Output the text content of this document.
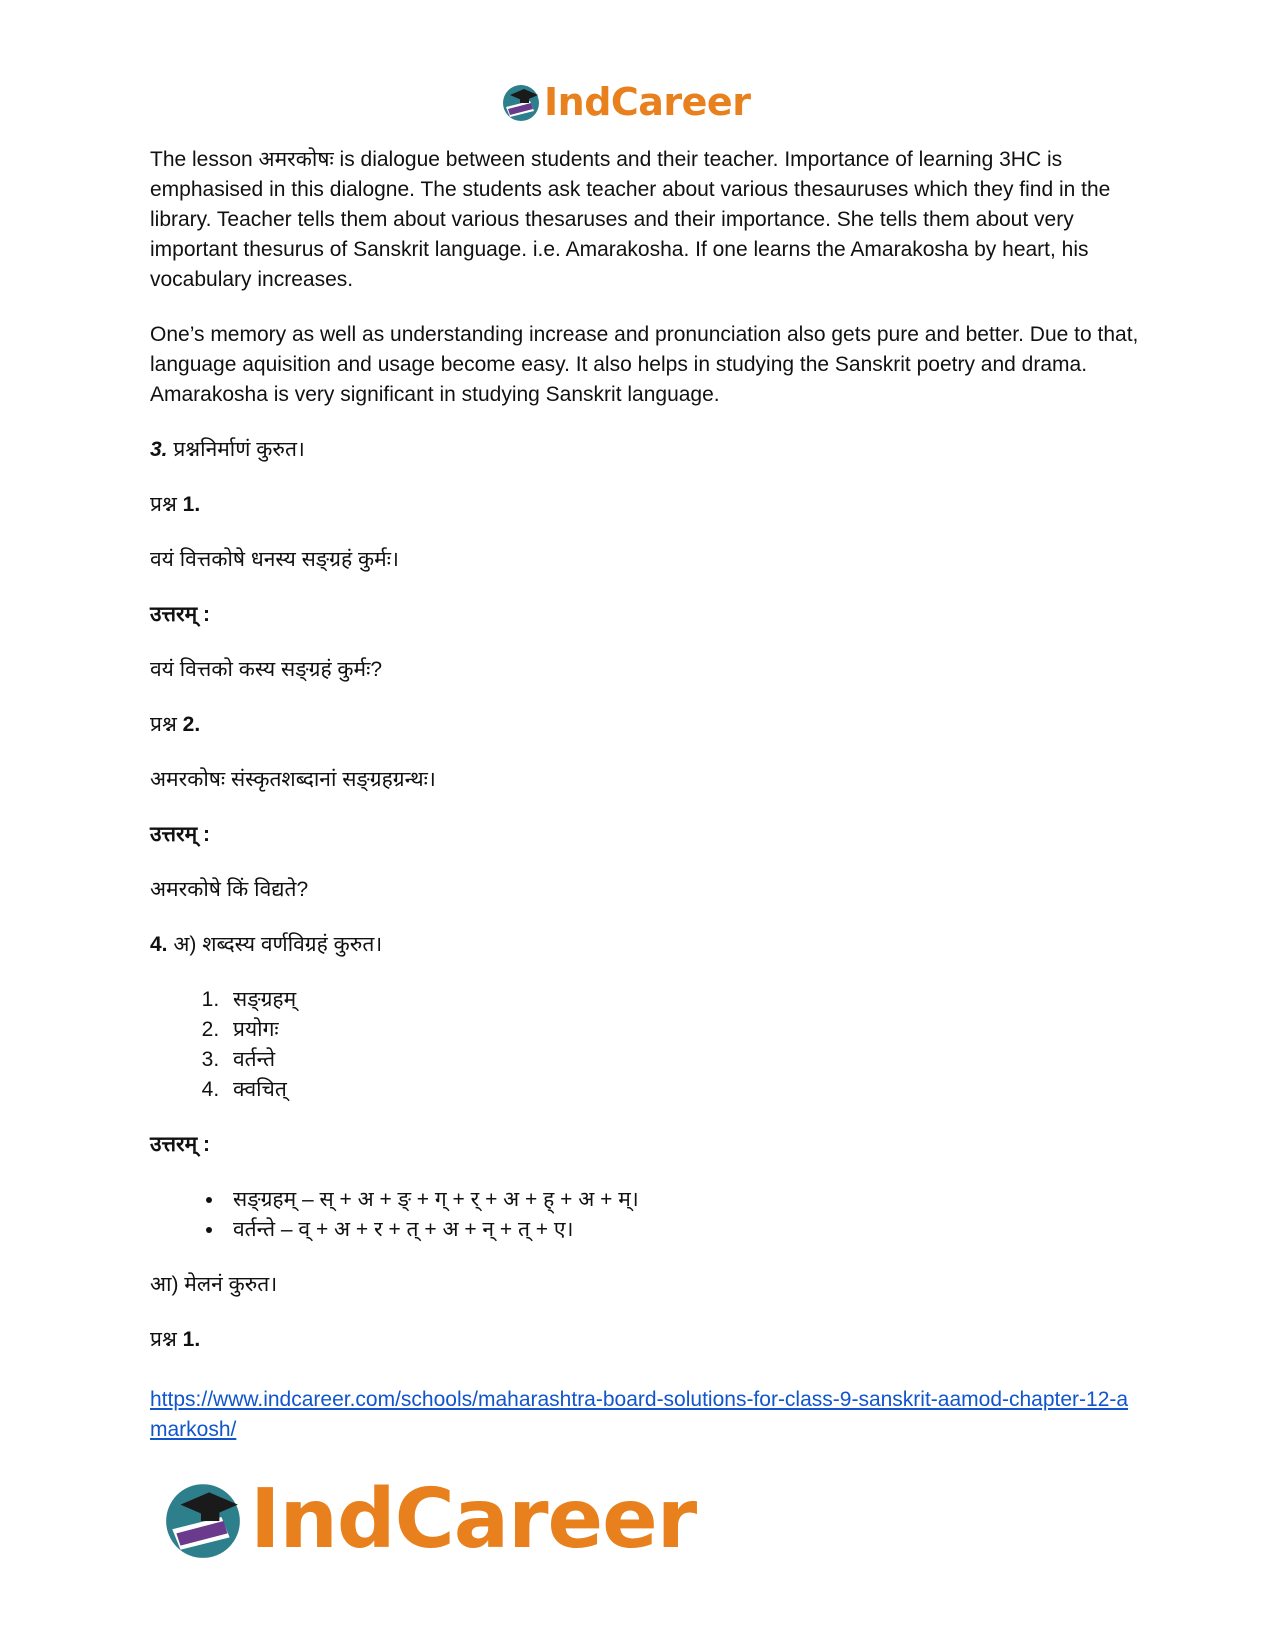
IndCareer

The lesson अमरकोषः is dialogue between students and their teacher. Importance of learning 3HC is emphasised in this dialogne. The students ask teacher about various thesauruses which they find in the library. Teacher tells them about various thesaruses and their importance. She tells them about very important thesurus of Sanskrit language. i.e. Amarakosha. If one learns the Amarakosha by heart, his vocabulary increases.

One’s memory as well as understanding increase and pronunciation also gets pure and better. Due to that, language aquisition and usage become easy. It also helps in studying the Sanskrit poetry and drama. Amarakosha is very significant in studying Sanskrit language.

3. प्रश्ननिर्माणं कुरुत।

प्रश्न 1.

वयं वित्तकोषे धनस्य सङ्ग्रहं कुर्मः।

उत्तरम् :

वयं वित्तको कस्य सङ्ग्रहं कुर्मः?

प्रश्न 2.

अमरकोषः संस्कृतशब्दानां सङ्ग्रहग्रन्थः।

उत्तरम् :

अमरकोषे किं विद्यते?

4. अ) शब्दस्य वर्णविग्रहं कुरुत।

1. सङ्ग्रहम्
2. प्रयोगः
3. वर्तन्ते
4. क्वचित्

उत्तरम् :

• सङ्ग्रहम् – स् + अ + ङ् + ग् + र् + अ + ह् + अ + म्।
• वर्तन्ते – व् + अ + र + त् + अ + न् + त् + ए।

आ) मेलनं कुरुत।

प्रश्न 1.

https://www.indcareer.com/schools/maharashtra-board-solutions-for-class-9-sanskrit-aamod-chapter-12-amarkosh/

IndCareer
